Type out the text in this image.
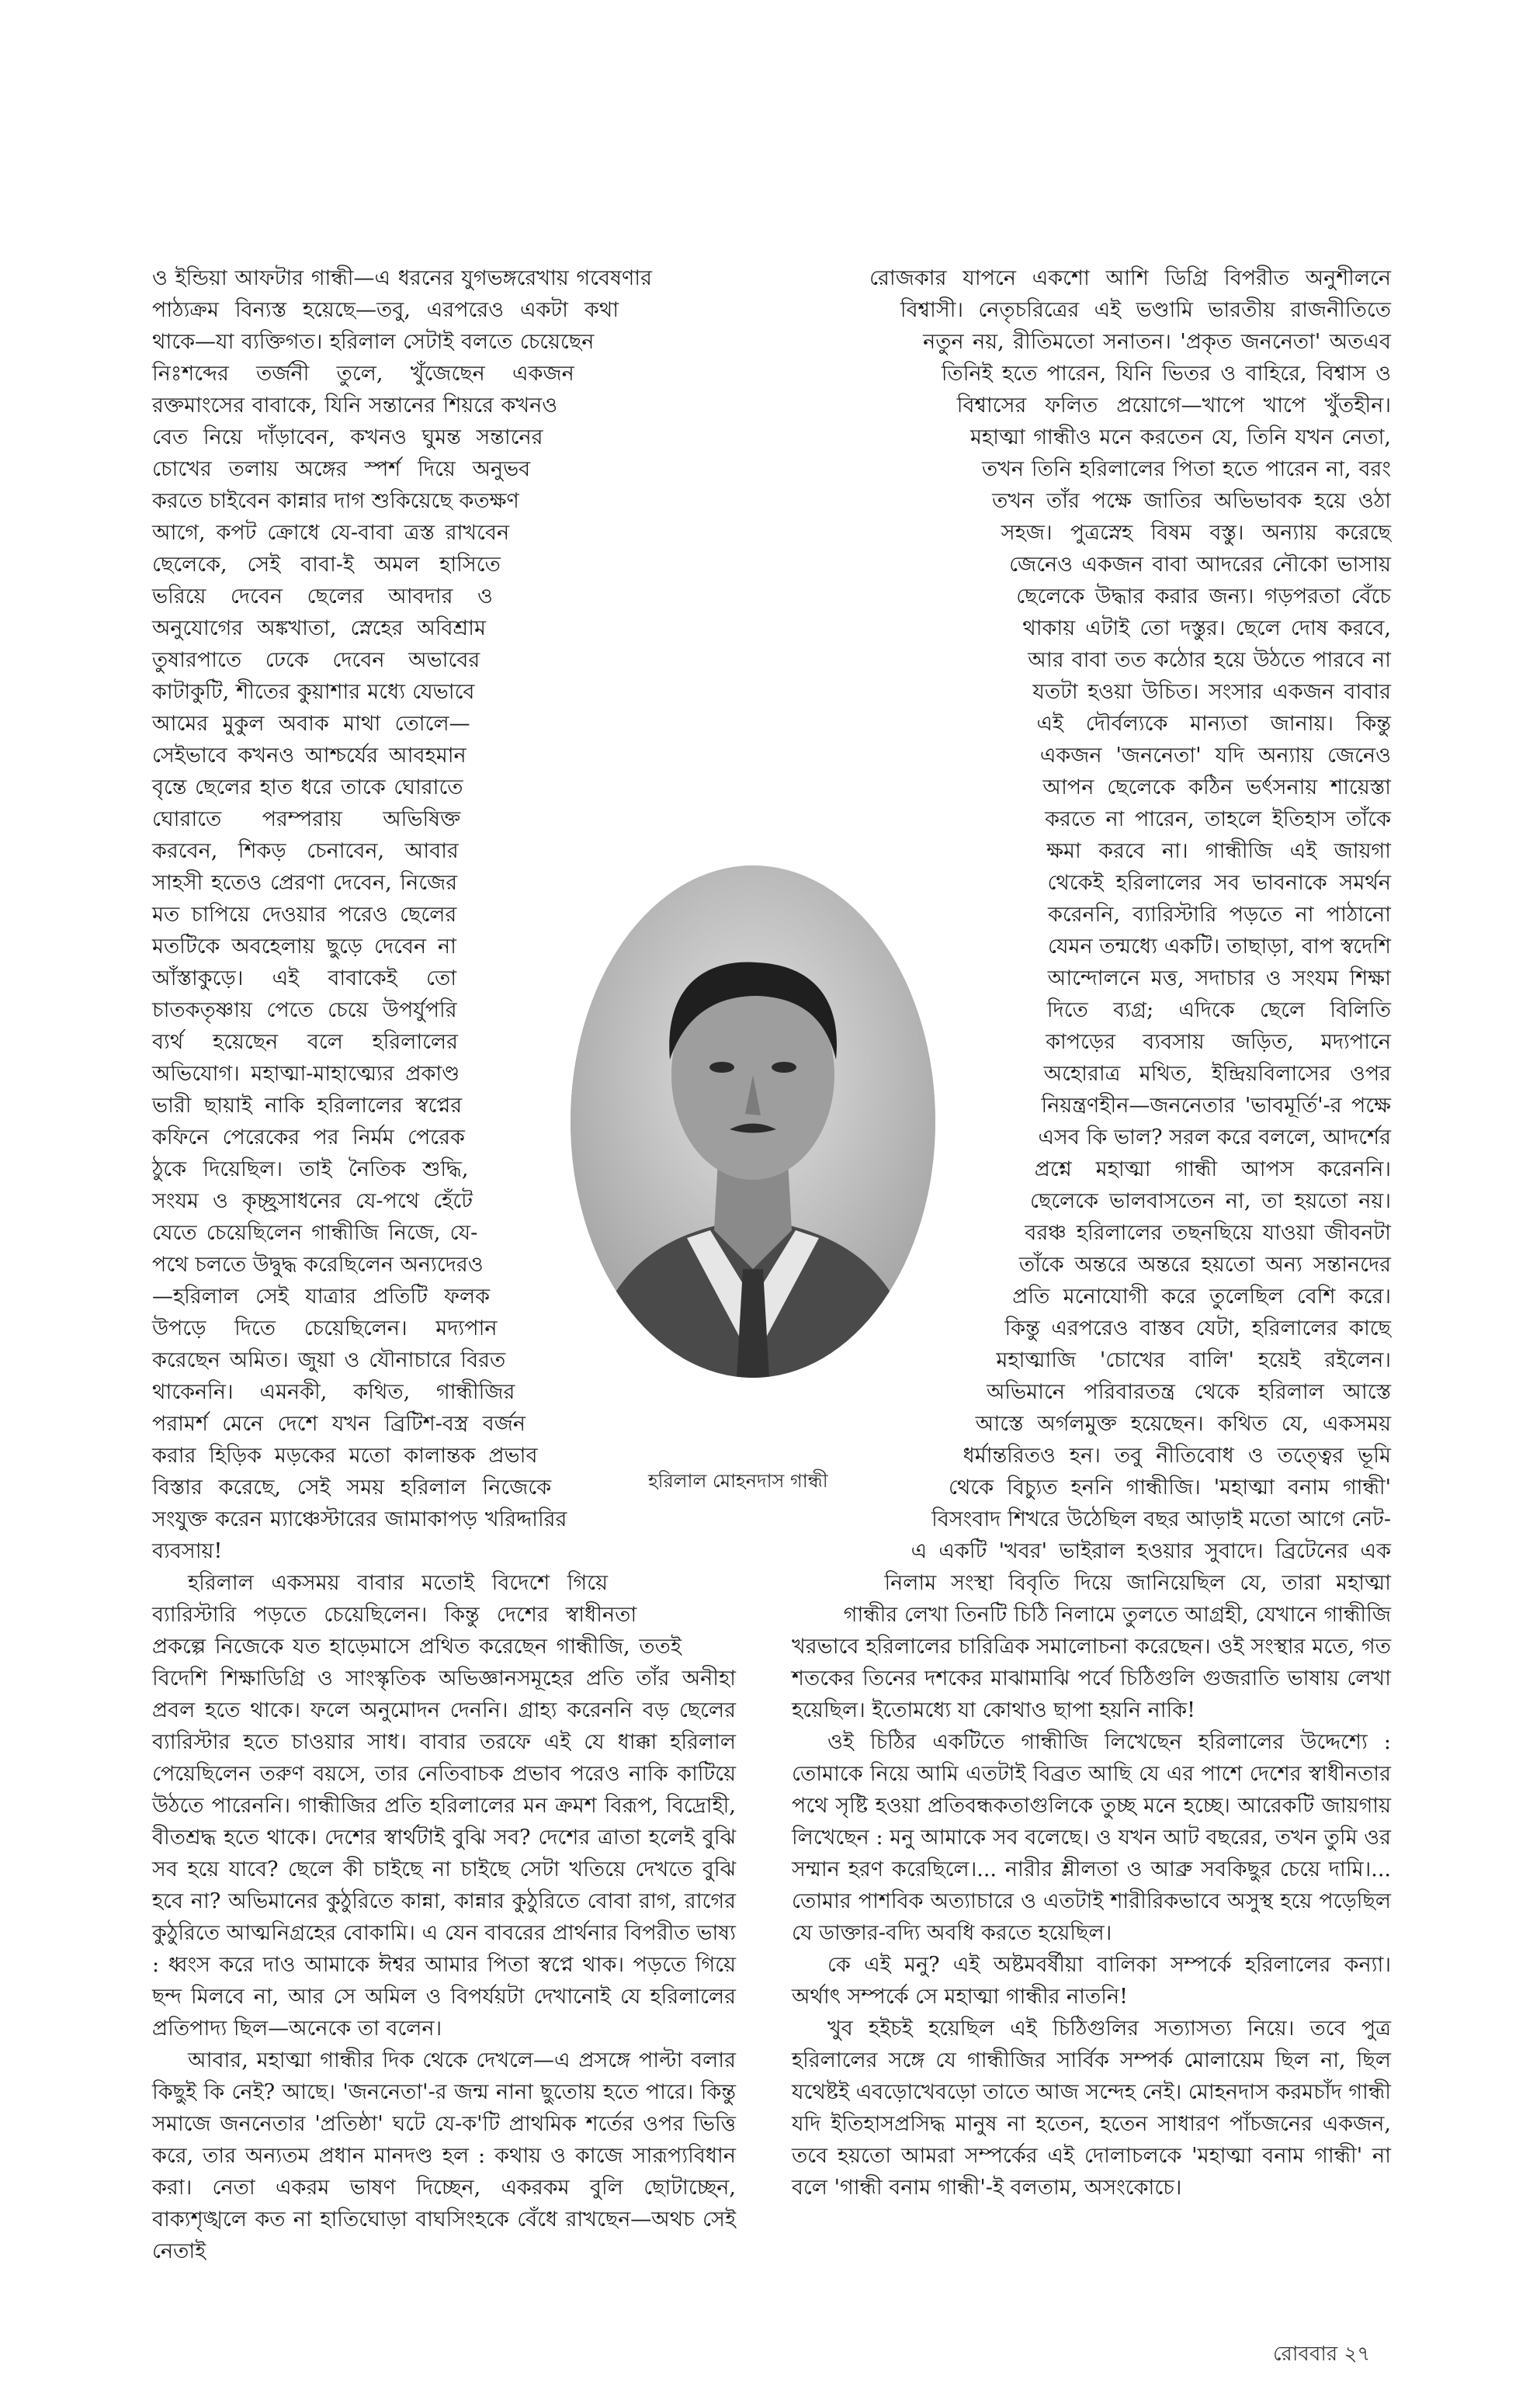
ও ইন্ডিয়া আফটার গান্ধী—এ ধরনের যুগভঙ্গরেখায় গবেষণার পাঠ্যক্রম বিন্যস্ত হয়েছে—তবু, এরপরেও একটা কথা থাকে—যা ব্যক্তিগত। হরিলাল সেটাই বলতে চেয়েছেন নিঃশব্দের তর্জনী তুলে, খুঁজেছেন একজন রক্তমাংসের বাবাকে, যিনি সন্তানের শিয়রে কখনও বেত নিয়ে দাঁড়াবেন, কখনও ঘুমন্ত সন্তানের চোখের তলায় অঙ্গের স্পর্শ দিয়ে অনুভব করতে চাইবেন কান্নার দাগ শুকিয়েছে কতক্ষণ আগে, কপট ক্রোধে যে-বাবা ত্রস্ত রাখবেন ছেলেকে, সেই বাবা-ই অমল হাসিতে ভরিয়ে দেবেন ছেলের আবদার ও অনুযোগের অঙ্কখাতা, স্নেহের অবিশ্রাম তুষারপাতে ঢেকে দেবেন অভাবের কাটাকুটি, শীতের কুয়াশার মধ্যে যেভাবে আমের মুকুল অবাক মাথা তোলে—সেইভাবে কখনও আশ্চর্যের আবহমান বৃন্তে ছেলের হাত ধরে তাকে ঘোরাতে ঘোরাতে পরম্পরায় অভিষিক্ত করবেন, শিকড় চেনাবেন, আবার সাহসী হতেও প্রেরণা দেবেন, নিজের মত চাপিয়ে দেওয়ার পরেও ছেলের মতটিকে অবহেলায় ছুড়ে দেবেন না আঁস্তাকুড়ে। এই বাবাকেই তো চাতকতৃষ্ণায় পেতে চেয়ে উপর্যুপরি ব্যর্থ হয়েছেন বলে হরিলালের অভিযোগ। মহাত্মা-মাহাত্ম্যের প্রকাণ্ড ভারী ছায়াই নাকি হরিলালের স্বপ্নের কফিনে পেরেকের পর নির্মম পেরেক ঠুকে দিয়েছিল। তাই নৈতিক শুদ্ধি, সংযম ও কৃচ্ছ্রসাধনের যে-পথে হেঁটে যেতে চেয়েছিলেন গান্ধীজি নিজে, যে-পথে চলতে উদ্বুদ্ধ করেছিলেন অন্যদেরও—হরিলাল সেই যাত্রার প্রতিটি ফলক উপড়ে দিতে চেয়েছিলেন। মদ্যপান করেছেন অমিত। জুয়া ও যৌনাচারে বিরত থাকেননি। এমনকী, কথিত, গান্ধীজির পরামর্শ মেনে দেশে যখন ব্রিটিশ-বস্ত্র বর্জন করার হিড়িক মড়কের মতো কালান্তক প্রভাব বিস্তার করেছে, সেই সময় হরিলাল নিজেকে সংযুক্ত করেন ম্যাঞ্চেস্টারের জামাকাপড় খরিদ্দারির ব্যবসায়!

হরিলাল একসময় বাবার মতোই বিদেশে গিয়ে ব্যারিস্টারি পড়তে চেয়েছিলেন। কিন্তু দেশের স্বাধীনতা প্রকল্পে নিজেকে যত হাড়েমাসে প্রথিত করেছেন গান্ধীজি, ততই বিদেশি শিক্ষাডিগ্রি ও সাংস্কৃতিক অভিজ্ঞানসমূহের প্রতি তাঁর অনীহা প্রবল হতে থাকে। ফলে অনুমোদন দেননি। গ্রাহ্য করেননি বড় ছেলের ব্যারিস্টার হতে চাওয়ার সাধ। বাবার তরফে এই যে ধাক্কা হরিলাল পেয়েছিলেন তরুণ বয়সে, তার নেতিবাচক প্রভাব পরেও নাকি কাটিয়ে উঠতে পারেননি। গান্ধীজির প্রতি হরিলালের মন ক্রমশ বিরূপ, বিদ্রোহী, বীতশ্রদ্ধ হতে থাকে। দেশের স্বার্থটাই বুঝি সব? দেশের ত্রাতা হলেই বুঝি সব হয়ে যাবে? ছেলে কী চাইছে না চাইছে সেটা খতিয়ে দেখতে বুঝি হবে না? অভিমানের কুঠুরিতে কান্না, কান্নার কুঠুরিতে বোবা রাগ, রাগের কুঠুরিতে আত্মনিগ্রহের বোকামি। এ যেন বাবরের প্রার্থনার বিপরীত ভাষ্য : ধ্বংস করে দাও আমাকে ঈশ্বর আমার পিতা স্বপ্নে থাক। পড়তে গিয়ে ছন্দ মিলবে না, আর সে অমিল ও বিপর্যয়টা দেখানোই যে হরিলালের প্রতিপাদ্য ছিল—অনেকে তা বলেন।

আবার, মহাত্মা গান্ধীর দিক থেকে দেখলে—এ প্রসঙ্গে পাল্টা বলার কিছুই কি নেই? আছে। 'জননেতা'-র জন্ম নানা ছুতোয় হতে পারে। কিন্তু সমাজে জননেতার 'প্রতিষ্ঠা' ঘটে যে-ক'টি প্রাথমিক শর্তের ওপর ভিত্তি করে, তার অন্যতম প্রধান মানদণ্ড হল : কথায় ও কাজে সারূপ্যবিধান করা। নেতা একরম ভাষণ দিচ্ছেন, একরকম বুলি ছোটাচ্ছেন, বাক্যশৃঙ্খলে কত না হাতিঘোড়া বাঘসিংহকে বেঁধে রাখছেন—অথচ সেই নেতাই

রোজকার যাপনে একশো আশি ডিগ্রি বিপরীত অনুশীলনে বিশ্বাসী। নেতৃচরিত্রের এই ভণ্ডামি ভারতীয় রাজনীতিতে নতুন নয়, রীতিমতো সনাতন। 'প্রকৃত জননেতা' অতএব তিনিই হতে পারেন, যিনি ভিতর ও বাহিরে, বিশ্বাস ও বিশ্বাসের ফলিত প্রয়োগে—খাপে খাপে খুঁতহীন। মহাত্মা গান্ধীও মনে করতেন যে, তিনি যখন নেতা, তখন তিনি হরিলালের পিতা হতে পারেন না, বরং তখন তাঁর পক্ষে জাতির অভিভাবক হয়ে ওঠা সহজ। পুত্রস্নেহ বিষম বস্তু। অন্যায় করেছে জেনেও একজন বাবা আদরের নৌকো ভাসায় ছেলেকে উদ্ধার করার জন্য। গড়পরতা বেঁচে থাকায় এটাই তো দস্তুর। ছেলে দোষ করবে, আর বাবা তত কঠোর হয়ে উঠতে পারবে না যতটা হওয়া উচিত। সংসার একজন বাবার এই দৌর্বল্যকে মান্যতা জানায়। কিন্তু একজন 'জননেতা' যদি অন্যায় জেনেও আপন ছেলেকে কঠিন ভর্ৎসনায় শায়েস্তা করতে না পারেন, তাহলে ইতিহাস তাঁকে ক্ষমা করবে না। গান্ধীজি এই জায়গা থেকেই হরিলালের সব ভাবনাকে সমর্থন করেননি, ব্যারিস্টারি পড়তে না পাঠানো যেমন তন্মধ্যে একটি। তাছাড়া, বাপ স্বদেশি আন্দোলনে মত্ত, সদাচার ও সংযম শিক্ষা দিতে ব্যগ্র; এদিকে ছেলে বিলিতি কাপড়ের ব্যবসায় জড়িত, মদ্যপানে অহোরাত্র মথিত, ইন্দ্রিয়বিলাসের ওপর নিয়ন্ত্রণহীন—জননেতার 'ভাবমূর্তি'-র পক্ষে এসব কি ভাল? সরল করে বললে, আদর্শের প্রশ্নে মহাত্মা গান্ধী আপস করেননি। ছেলেকে ভালবাসতেন না, তা হয়তো নয়। বরঞ্চ হরিলালের তছনছিয়ে যাওয়া জীবনটা তাঁকে অন্তরে অন্তরে হয়তো অন্য সন্তানদের প্রতি মনোযোগী করে তুলেছিল বেশি করে। কিন্তু এরপরেও বাস্তব যেটা, হরিলালের কাছে মহাত্মাজি 'চোখের বালি' হয়েই রইলেন। অভিমানে পরিবারতন্ত্র থেকে হরিলাল আস্তে আস্তে অর্গলমুক্ত হয়েছেন। কথিত যে, একসময় ধর্মান্তরিতও হন। তবু নীতিবোধ ও তত্ত্বের ভূমি থেকে বিচ্যুত হননি গান্ধীজি। 'মহাত্মা বনাম গান্ধী' বিসংবাদ শিখরে উঠেছিল বছর আড়াই মতো আগে নেট-এ একটি 'খবর' ভাইরাল হওয়ার সুবাদে। ব্রিটেনের এক নিলাম সংস্থা বিবৃতি দিয়ে জানিয়েছিল যে, তারা মহাত্মা গান্ধীর লেখা তিনটি চিঠি নিলামে তুলতে আগ্রহী, যেখানে গান্ধীজি খরভাবে হরিলালের চারিত্রিক সমালোচনা করেছেন। ওই সংস্থার মতে, গত শতকের তিনের দশকের মাঝামাঝি পর্বে চিঠিগুলি গুজরাতি ভাষায় লেখা হয়েছিল। ইতোমধ্যে যা কোথাও ছাপা হয়নি নাকি!

ওই চিঠির একটিতে গান্ধীজি লিখেছেন হরিলালের উদ্দেশ্যে : তোমাকে নিয়ে আমি এতটাই বিব্রত আছি যে এর পাশে দেশের স্বাধীনতার পথে সৃষ্টি হওয়া প্রতিবন্ধকতাগুলিকে তুচ্ছ মনে হচ্ছে। আরেকটি জায়গায় লিখেছেন : মনু আমাকে সব বলেছে। ও যখন আট বছরের, তখন তুমি ওর সম্মান হরণ করেছিলে।... নারীর শ্লীলতা ও আব্রু সবকিছুর চেয়ে দামি।... তোমার পাশবিক অত্যাচারে ও এতটাই শারীরিকভাবে অসুস্থ হয়ে পড়েছিল যে ডাক্তার-বদ্যি অবধি করতে হয়েছিল।

কে এই মনু? এই অষ্টমবর্ষীয়া বালিকা সম্পর্কে হরিলালের কন্যা। অর্থাৎ সম্পর্কে সে মহাত্মা গান্ধীর নাতনি!

খুব হইচই হয়েছিল এই চিঠিগুলির সত্যাসত্য নিয়ে। তবে পুত্র হরিলালের সঙ্গে যে গান্ধীজির সার্বিক সম্পর্ক মোলায়েম ছিল না, ছিল যথেষ্টই এবড়োখেবড়ো তাতে আজ সন্দেহ নেই। মোহনদাস করমচাঁদ গান্ধী যদি ইতিহাসপ্রসিদ্ধ মানুষ না হতেন, হতেন সাধারণ পাঁচজনের একজন, তবে হয়তো আমরা সম্পর্কের এই দোলাচলকে 'মহাত্মা বনাম গান্ধী' না বলে 'গান্ধী বনাম গান্ধী'-ই বলতাম, অসংকোচে।

হরিলাল মোহনদাস গান্ধী
রোববার ২৭
